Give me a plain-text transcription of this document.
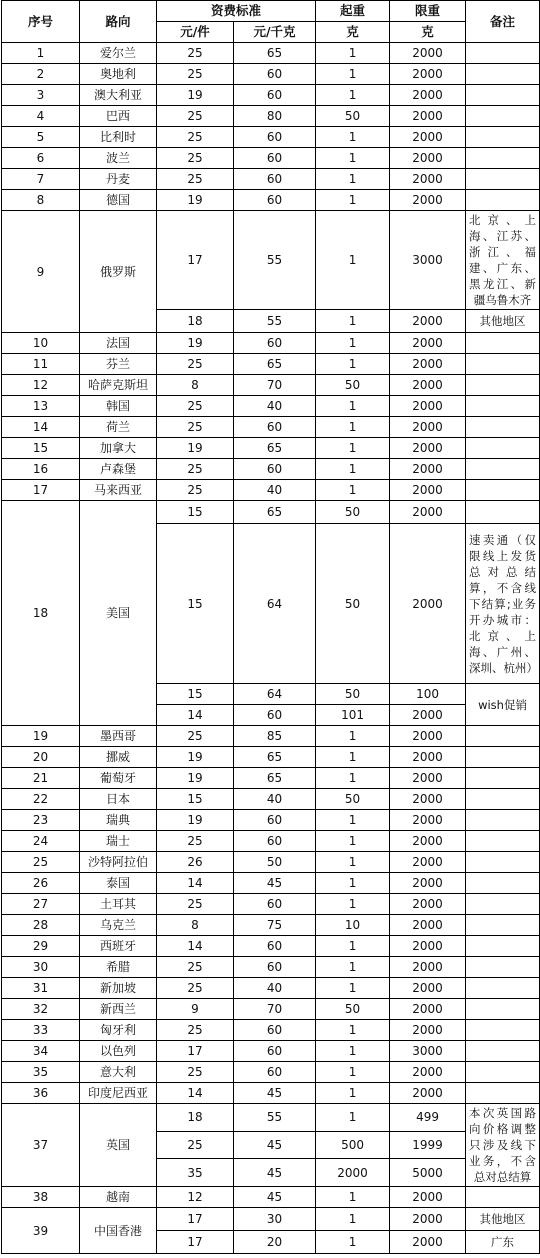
序号	路向	资费标准		起重	限重	备注
		元/件	元/千克	克	克	
1	爱尔兰	25	65	1	2000	
2	奥地利	25	60	1	2000	
3	澳大利亚	19	60	1	2000	
4	巴西	25	80	50	2000	
5	比利时	25	60	1	2000	
6	波兰	25	60	1	2000	
7	丹麦	25	60	1	2000	
8	德国	19	60	1	2000	
9	俄罗斯	17	55	1	3000	北京、上海、江苏、浙江、福建、广东、黑龙江、新疆乌鲁木齐
		18	55	1	2000	其他地区
10	法国	19	60	1	2000	
11	芬兰	25	65	1	2000	
12	哈萨克斯坦	8	70	50	2000	
13	韩国	25	40	1	2000	
14	荷兰	25	60	1	2000	
15	加拿大	19	65	1	2000	
16	卢森堡	25	60	1	2000	
17	马来西亚	25	40	1	2000	
18	美国	15	65	50	2000	
		15	64	50	2000	速卖通（仅限线上发货总对总结算，不含线下结算;业务开办城市：北京、上海、广州、深圳、杭州）
		15	64	50	100	wish促销
		14	60	101	2000	
19	墨西哥	25	85	1	2000	
20	挪威	19	65	1	2000	
21	葡萄牙	19	65	1	2000	
22	日本	15	40	50	2000	
23	瑞典	19	60	1	2000	
24	瑞士	25	60	1	2000	
25	沙特阿拉伯	26	50	1	2000	
26	泰国	14	45	1	2000	
27	土耳其	25	60	1	2000	
28	乌克兰	8	75	10	2000	
29	西班牙	14	60	1	2000	
30	希腊	25	60	1	2000	
31	新加坡	25	40	1	2000	
32	新西兰	9	70	50	2000	
33	匈牙利	25	60	1	2000	
34	以色列	17	60	1	3000	
35	意大利	25	60	1	2000	
36	印度尼西亚	14	45	1	2000	
37	英国	18	55	1	499	本次英国路向价格调整只涉及线下业务，不含总对总结算
		25	45	500	1999	
		35	45	2000	5000	
38	越南	12	45	1	2000	
39	中国香港	17	30	1	2000	其他地区
		17	20	1	2000	广东
